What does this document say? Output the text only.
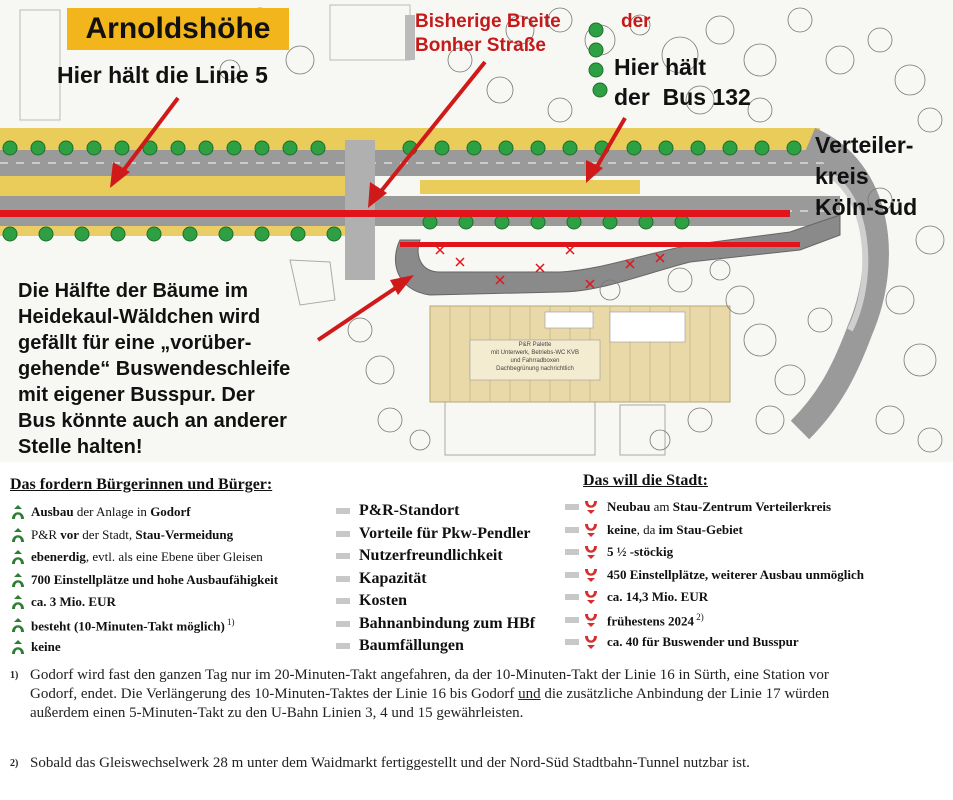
Arnoldshöhe	Bisherige Breite	der
Bonher Straße
Hier hält die Linie 5	Hier hält
der  Bus 132
Verteiler-
kreis
Köln-Süd
Die Hälfte der Bäume im
Heidekaul-Wäldchen wird
gefällt für eine „vorüber-
gehende“ Buswendeschleife
mit eigener Busspur. Der
Bus könnte auch an anderer
Stelle halten!
P&R Palette
mit Unterwerk, Betriebs-WC KVB
und Fahrradboxen
Dachbegrünung nachrichtlich
Das fordern Bürgerinnen und Bürger:	Das will die Stadt:
Ausbau der Anlage in Godorf	P&R-Standort	Neubau am Stau-Zentrum Verteilerkreis
P&R vor der Stadt, Stau-Vermeidung	Vorteile für Pkw-Pendler	keine, da im Stau-Gebiet
ebenerdig, evtl. als eine Ebene über Gleisen	Nutzerfreundlichkeit	5 ½ -stöckig
700 Einstellplätze und hohe Ausbaufähigkeit	Kapazität	450 Einstellplätze, weiterer Ausbau unmöglich
ca. 3 Mio. EUR	Kosten	ca. 14,3 Mio. EUR
besteht (10-Minuten-Takt möglich) $^{1)}$	Bahnanbindung zum HBf	frühestens 2024 $^{2)}$
keine	Baumfällungen	ca. 40 für Buswender und Busspur
1) Godorf wird fast den ganzen Tag nur im 20-Minuten-Takt angefahren, da der 10-Minuten-Takt der Linie 16 in Sürth, eine Station vor Godorf, endet. Die Verlängerung des 10-Minuten-Taktes der Linie 16 bis Godorf und die zusätzliche Anbindung der Linie 17 würden außerdem einen 5-Minuten-Takt zu den U-Bahn Linien 3, 4 und 15 gewährleisten.
2) Sobald das Gleiswechselwerk 28 m unter dem Waidmarkt fertiggestellt und der Nord-Süd Stadtbahn-Tunnel nutzbar ist.
